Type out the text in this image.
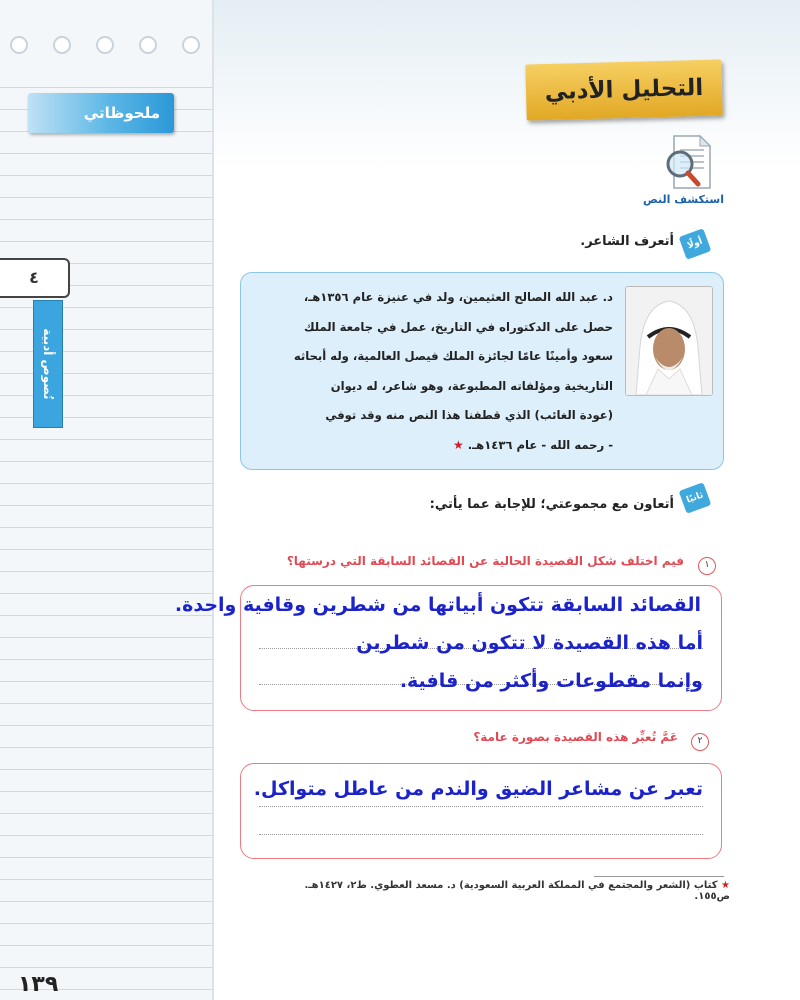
ملحوظاتي
٤
نُصوص أدبية
١٣٩
التحليل الأدبي
استكشف النص
أولًا
أتعرف الشاعر.
د. عبد الله الصالح العثيمين، ولد في عنيزة عام ١٣٥٦هـ،
حصل على الدكتوراه في التاريخ، عمل في جامعة الملك
سعود وأمينًا عامًا لجائزة الملك فيصل العالمية، وله أبحاثه
التاريخية ومؤلفاته المطبوعة، وهو شاعر، له ديوان
(عودة الغائب) الذي قطفنا هذا النص منه وقد توفي
- رحمه الله - عام ١٤٣٦هـ. ★
ثانيًا
أتعاون مع مجموعتي؛ للإجابة عما يأتي:
١
فيم اختلف شكل القصيدة الحالية عن القصائد السابقة التي درستها؟
القصائد السابقة تتكون أبياتها من شطرين وقافية واحدة.
أما هذه القصيدة لا تتكون من شطرين
وإنما مقطوعات وأكثر من قافية.
٢
عَمَّ تُعبِّر هذه القصيدة بصورة عامة؟
تعبر عن مشاعر الضيق والندم من عاطل متواكل.
★ كتاب (الشعر والمجتمع في المملكة العربية السعودية) د. مسعد العطوي. ط٢، ١٤٢٧هـ. ص١٥٥.
